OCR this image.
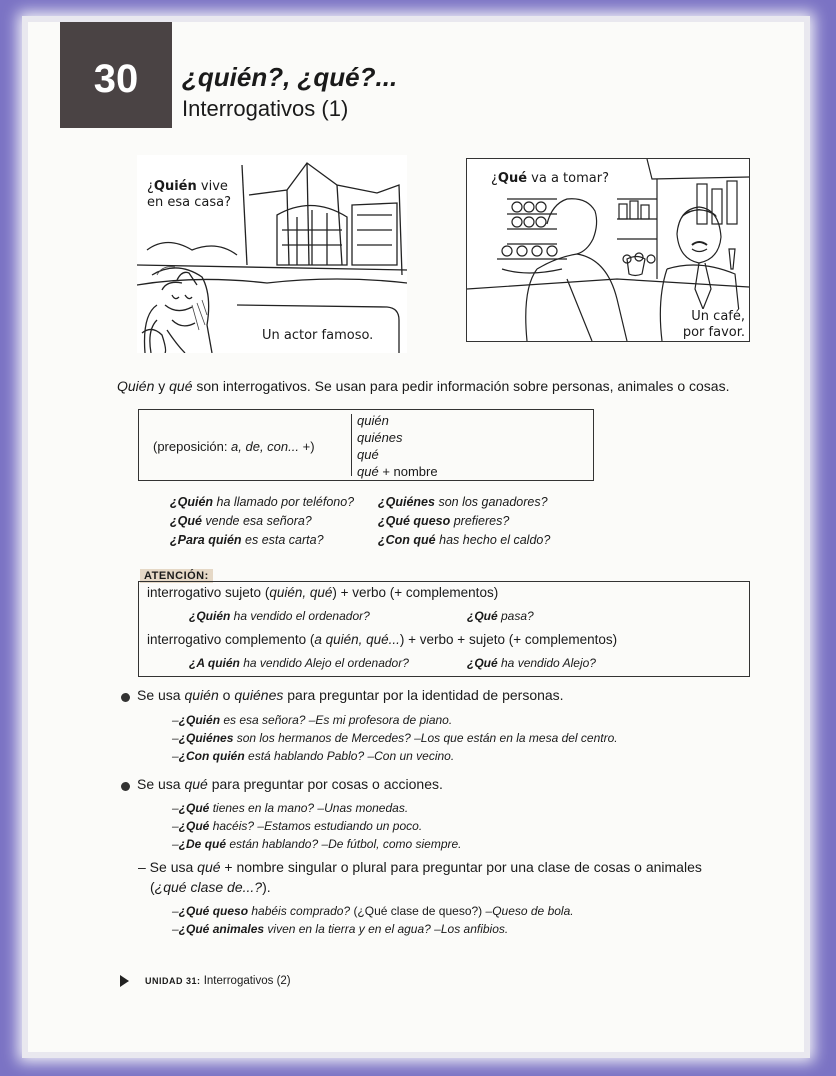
30 ¿quién?, ¿qué?...
Interrogativos (1)
¿Quién vive
en esa casa?
Un actor famoso.
¿Qué va a tomar?
Un café,
por favor.
Quién y qué son interrogativos. Se usan para pedir información sobre personas, animales o cosas.
(preposición: a, de, con... +)
quién
quiénes
qué
qué + nombre
¿Quién ha llamado por teléfono?
¿Qué vende esa señora?
¿Para quién es esta carta?
¿Quiénes son los ganadores?
¿Qué queso prefieres?
¿Con qué has hecho el caldo?
ATENCIÓN:
interrogativo sujeto (quién, qué) + verbo (+ complementos)
¿Quién ha vendido el ordenador?	¿Qué pasa?
interrogativo complemento (a quién, qué...) + verbo + sujeto (+ complementos)
¿A quién ha vendido Alejo el ordenador?	¿Qué ha vendido Alejo?
Se usa quién o quiénes para preguntar por la identidad de personas.
–¿Quién es esa señora? –Es mi profesora de piano.
–¿Quiénes son los hermanos de Mercedes? –Los que están en la mesa del centro.
–¿Con quién está hablando Pablo? –Con un vecino.
Se usa qué para preguntar por cosas o acciones.
–¿Qué tienes en la mano? –Unas monedas.
–¿Qué hacéis? –Estamos estudiando un poco.
–¿De qué están hablando? –De fútbol, como siempre.
– Se usa qué + nombre singular o plural para preguntar por una clase de cosas o animales
(¿qué clase de...?).
–¿Qué queso habéis comprado? (¿Qué clase de queso?) –Queso de bola.
–¿Qué animales viven en la tierra y en el agua? –Los anfibios.
UNIDAD 31: Interrogativos (2)
